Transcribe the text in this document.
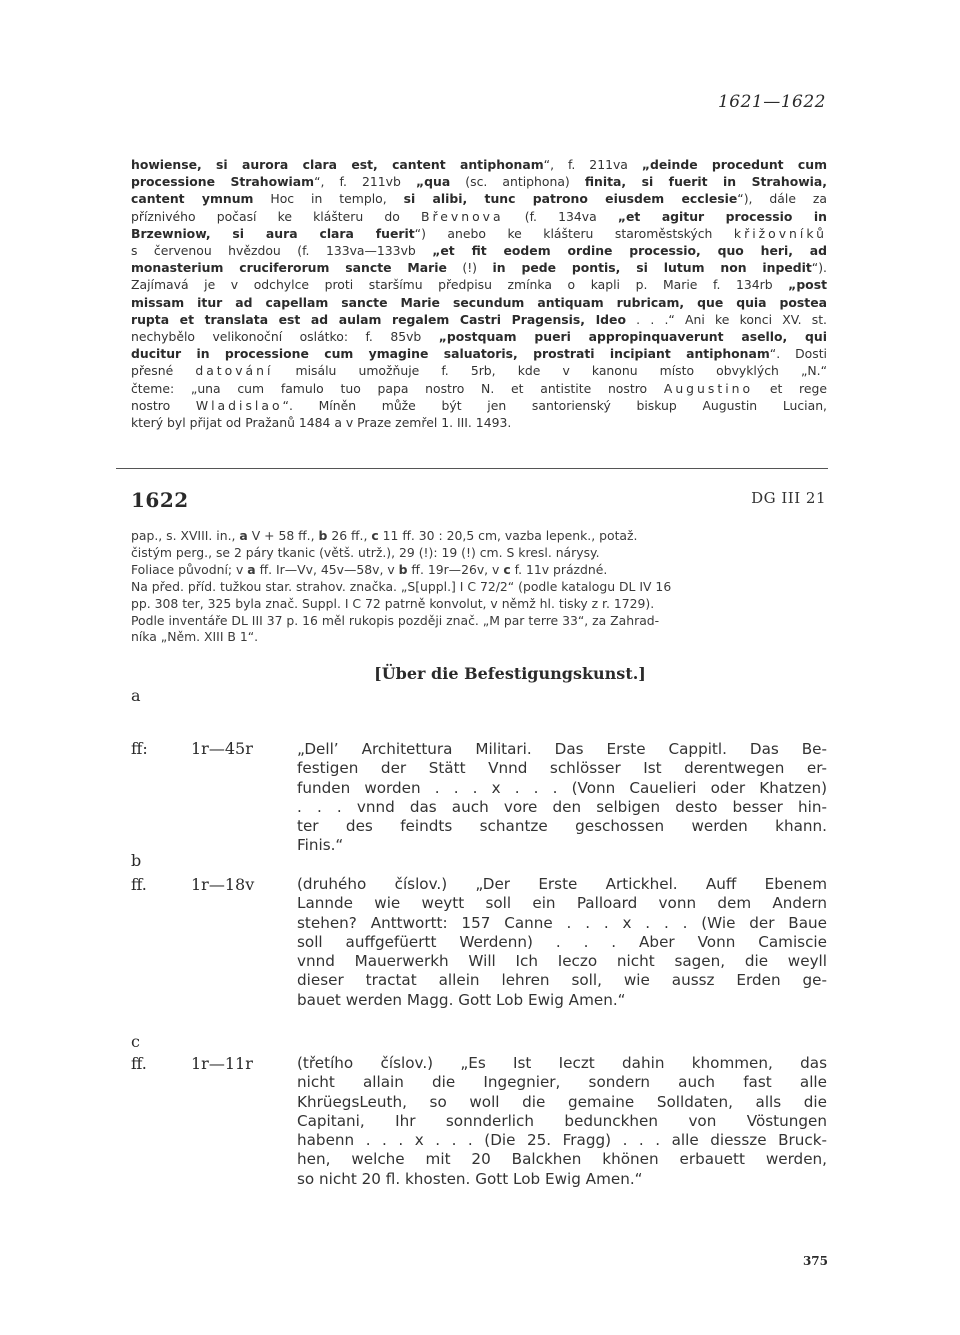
1621—1622
howiense, si aurora clara est, cantent antiphonam“, f. 211va „deinde procedunt cum
processione Strahowiam“, f. 211vb „qua (sc. antiphona) finita, si fuerit in Strahowia,
cantent ymnum Hoc in templo, si alibi, tunc patrono eiusdem ecclesie“), dále za
příznivého počasí ke klášteru do Břevnova (f. 134va „et agitur processio in
Brzewniow, si aura clara fuerit“) anebo ke klášteru staroměstských křižovníků
s červenou hvězdou (f. 133va—133vb „et fit eodem ordine processio, quo heri, ad
monasterium cruciferorum sancte Marie (!) in pede pontis, si lutum non inpedit“).
Zajímavá je v odchylce proti staršímu předpisu zmínka o kapli p. Marie f. 134rb „post
missam itur ad capellam sancte Marie secundum antiquam rubricam, que quia postea
rupta et translata est ad aulam regalem Castri Pragensis, Ideo . . .“ Ani ke konci XV. st.
nechybělo velikonoční oslátko: f. 85vb „postquam pueri appropinquaverunt asello, qui
ducitur in processione cum ymagine saluatoris, prostrati incipiant antiphonam“. Dosti
přesné datování misálu umožňuje f. 5rb, kde v kanonu místo obvyklých „N.“
čteme: „una cum famulo tuo papa nostro N. et antistite nostro Augustino et rege
nostro Wladislao“. Míněn může být jen santorienský biskup Augustin Lucian,
který byl přijat od Pražanů 1484 a v Praze zemřel 1. III. 1493.
1622	DG III 21
pap., s. XVIII. in., a V + 58 ff., b 26 ff., c 11 ff. 30 : 20,5 cm, vazba lepenk., potaž.
čistým perg., se 2 páry tkanic (větš. utrž.), 29 (!): 19 (!) cm. S kresl. nárysy.
Foliace původní; v a ff. Ir—Vv, 45v—58v, v b ff. 19r—26v, v c f. 11v prázdné.
Na před. příd. tužkou star. strahov. značka. „S[uppl.] I C 72/2“ (podle katalogu DL IV 16
pp. 308 ter, 325 byla znač. Suppl. I C 72 patrně konvolut, v němž hl. tisky z r. 1729).
Podle inventáře DL III 37 p. 16 měl rukopis později znač. „M par terre 33“, za Zahrad-
níka „Něm. XIII B 1“.
[Über die Befestigungskunst.]
a
ff:	1r—45r	„Dell’ Architettura Militari. Das Erste Cappitl. Das Be-
festigen der Stätt Vnnd schlösser Ist derentwegen er-
funden worden . . . x . . . (Vonn Cauelieri oder Khatzen)
. . . vnnd das auch vore den selbigen desto besser hin-
ter des feindts schantze geschossen werden khann.
Finis.“
b
ff.	1r—18v	(druhého číslov.) „Der Erste Artickhel. Auff Ebenem
Lannde wie weytt soll ein Palloard vonn dem Andern
stehen? Anttwortt: 157 Canne . . . x . . . (Wie der Baue
soll auffgefüertt Werdenn) . . . Aber Vonn Camiscie
vnnd Mauerwerkh Will Ich Ieczo nicht sagen, die weyll
dieser tractat allein lehren soll, wie aussz Erden ge-
bauet werden Magg. Gott Lob Ewig Amen.“
c
ff.	1r—11r	(třetího číslov.) „Es Ist Ieczt dahin khommen, das
nicht allain die Ingegnier, sondern auch fast alle
KhrüegsLeuth, so woll die gemaine Solldaten, alls die
Capitani, Ihr sonnderlich bedunckhen von Vöstungen
habenn . . . x . . . (Die 25. Fragg) . . . alle diessze Bruck-
hen, welche mit 20 Balckhen khönen erbauett werden,
so nicht 20 fl. khosten. Gott Lob Ewig Amen.“
375
